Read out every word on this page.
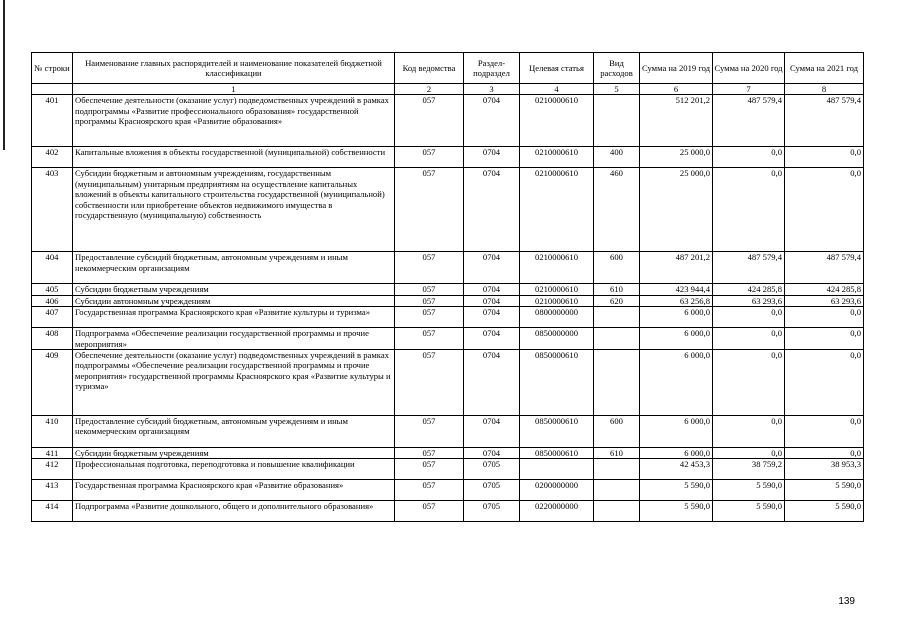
№ строки	Наименование главных распорядителей и наименование показателей бюджетной классификации	Код ведомства	Раздел-подраздел	Целевая статья	Вид расходов	Сумма на 2019 год	Сумма на 2020 год	Сумма на 2021 год
	1	2	3	4	5	6	7	8
401	Обеспечение деятельности (оказание услуг) подведомственных учреждений в рамках подпрограммы «Развитие профессионального образования» государственной программы Красноярского края «Развитие образования»	057	0704	0210000610		512 201,2	487 579,4	487 579,4
402	Капитальные вложения в объекты государственной (муниципальной) собственности	057	0704	0210000610	400	25 000,0	0,0	0,0
403	Субсидии бюджетным и автономным учреждениям, государственным (муниципальным) унитарным предприятиям на осуществление капитальных вложений в объекты капитального строительства государственной (муниципальной) собственности или приобретение объектов недвижимого имущества в государственную (муниципальную) собственность	057	0704	0210000610	460	25 000,0	0,0	0,0
404	Предоставление субсидий бюджетным, автономным учреждениям и иным некоммерческим организациям	057	0704	0210000610	600	487 201,2	487 579,4	487 579,4
405	Субсидии бюджетным учреждениям	057	0704	0210000610	610	423 944,4	424 285,8	424 285,8
406	Субсидии автономным учреждениям	057	0704	0210000610	620	63 256,8	63 293,6	63 293,6
407	Государственная программа Красноярского края «Развитие культуры и туризма»	057	0704	0800000000		6 000,0	0,0	0,0
408	Подпрограмма «Обеспечение реализации государственной программы и прочие мероприятия»	057	0704	0850000000		6 000,0	0,0	0,0
409	Обеспечение деятельности (оказание услуг) подведомственных учреждений в рамках подпрограммы «Обеспечение реализации государственной программы и прочие мероприятия» государственной программы Красноярского края «Развитие культуры и туризма»	057	0704	0850000610		6 000,0	0,0	0,0
410	Предоставление субсидий бюджетным, автономным учреждениям и иным некоммерческим организациям	057	0704	0850000610	600	6 000,0	0,0	0,0
411	Субсидии бюджетным учреждениям	057	0704	0850000610	610	6 000,0	0,0	0,0
412	Профессиональная подготовка, переподготовка и повышение квалификации	057	0705			42 453,3	38 759,2	38 953,3
413	Государственная программа Красноярского края «Развитие образования»	057	0705	0200000000		5 590,0	5 590,0	5 590,0
414	Подпрограмма «Развитие дошкольного, общего и дополнительного образования»	057	0705	0220000000		5 590,0	5 590,0	5 590,0
139
